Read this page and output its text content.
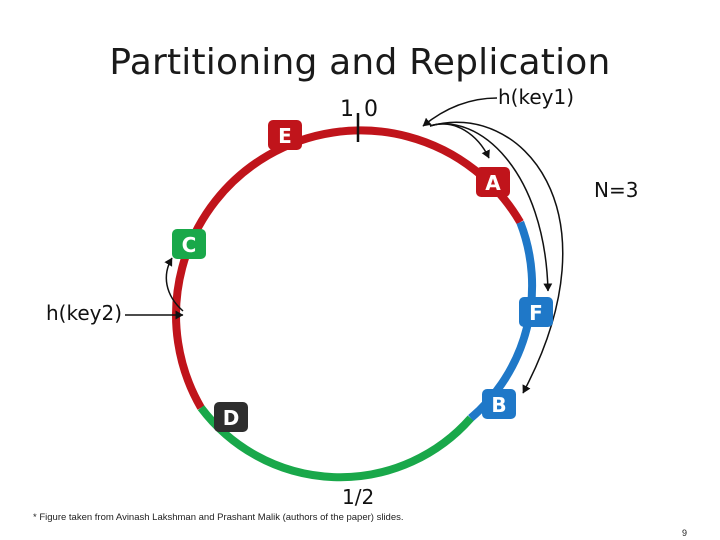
Partitioning and Replication
1 0
1/2
N=3
h(key1)
h(key2)
E
A
C
F
B
D
* Figure taken from Avinash Lakshman and Prashant Malik (authors of the paper) slides.
9
